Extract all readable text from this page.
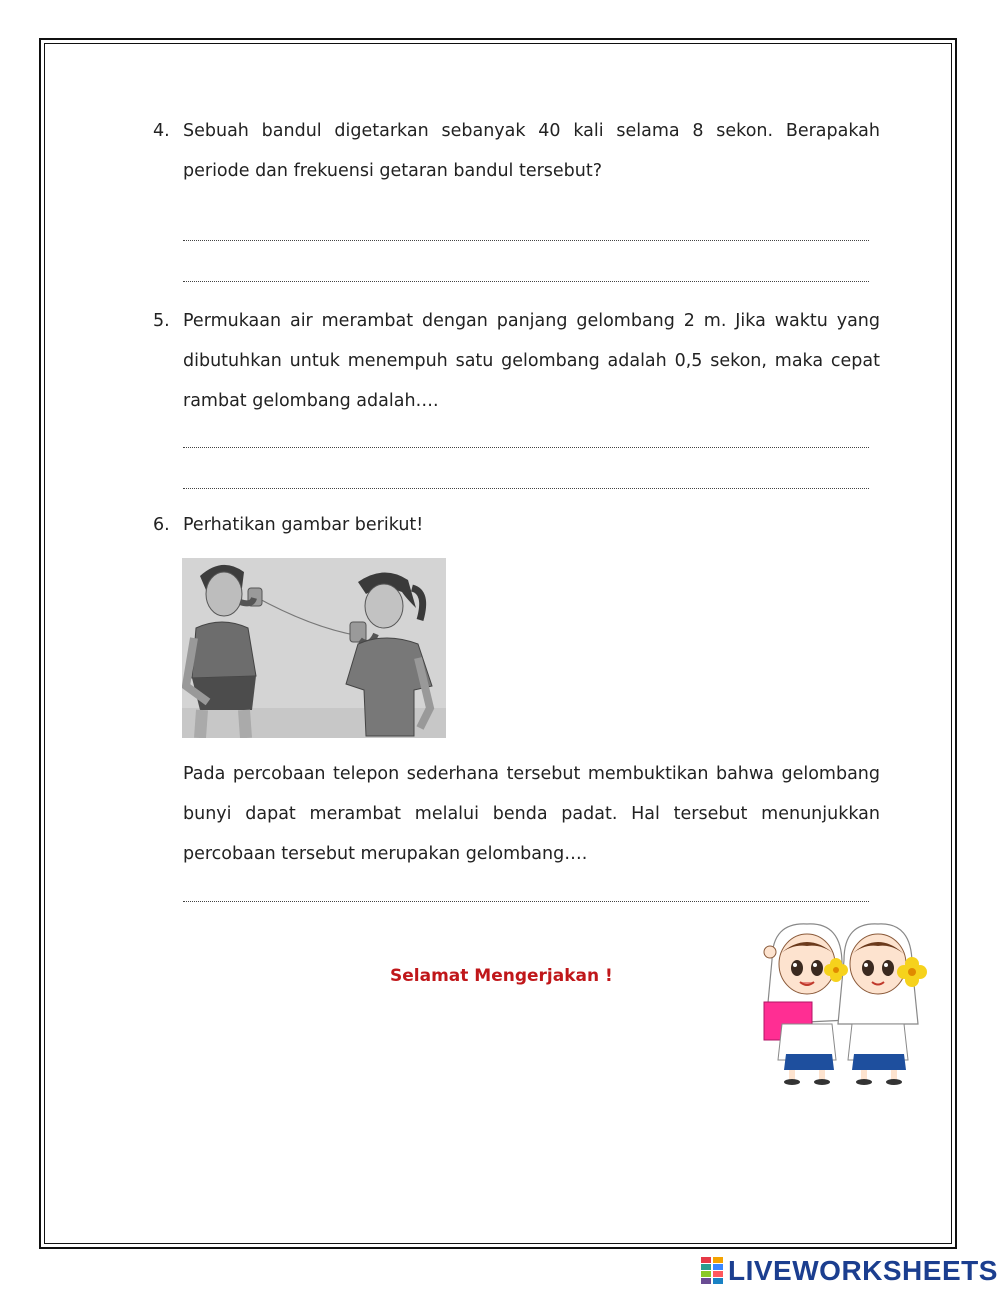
4. Sebuah bandul digetarkan sebanyak 40 kali selama 8 sekon. Berapakah periode dan frekuensi getaran bandul tersebut?
5. Permukaan air merambat dengan panjang gelombang 2 m. Jika waktu yang dibutuhkan untuk menempuh satu gelombang adalah 0,5 sekon, maka cepat rambat gelombang adalah….
6. Perhatikan gambar berikut!
Pada percobaan telepon sederhana tersebut membuktikan bahwa gelombang bunyi dapat merambat melalui benda padat. Hal tersebut menunjukkan percobaan tersebut merupakan gelombang….
Selamat Mengerjakan !
LIVEWORKSHEETS
